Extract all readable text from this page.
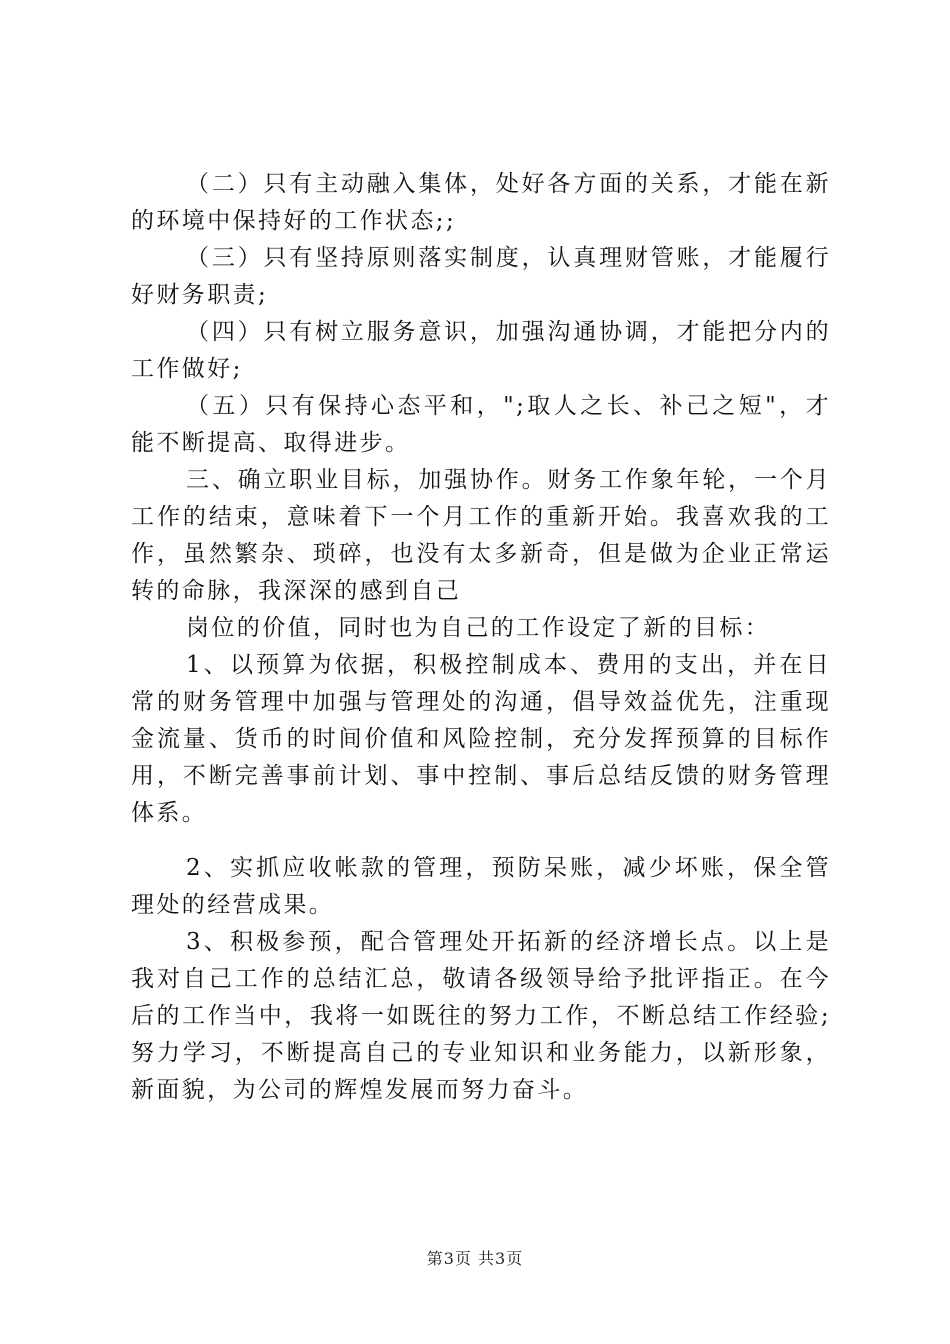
（二）只有主动融入集体，处好各方面的关系，才能在新的环境中保持好的工作状态;;

（三）只有坚持原则落实制度，认真理财管账，才能履行好财务职责;

（四）只有树立服务意识，加强沟通协调，才能把分内的工作做好;

（五）只有保持心态平和，";取人之长、补己之短"，才能不断提高、取得进步。

三、确立职业目标，加强协作。财务工作象年轮，一个月工作的结束，意味着下一个月工作的重新开始。我喜欢我的工作，虽然繁杂、琐碎，也没有太多新奇，但是做为企业正常运转的命脉，我深深的感到自己

岗位的价值，同时也为自己的工作设定了新的目标：

1、以预算为依据，积极控制成本、费用的支出，并在日常的财务管理中加强与管理处的沟通，倡导效益优先，注重现金流量、货币的时间价值和风险控制，充分发挥预算的目标作用，不断完善事前计划、事中控制、事后总结反馈的财务管理体系。

2、实抓应收帐款的管理，预防呆账，减少坏账，保全管理处的经营成果。

3、积极参预，配合管理处开拓新的经济增长点。以上是我对自己工作的总结汇总，敬请各级领导给予批评指正。在今后的工作当中，我将一如既往的努力工作，不断总结工作经验;努力学习，不断提高自己的专业知识和业务能力，以新形象，新面貌，为公司的辉煌发展而努力奋斗。

第3页 共3页
